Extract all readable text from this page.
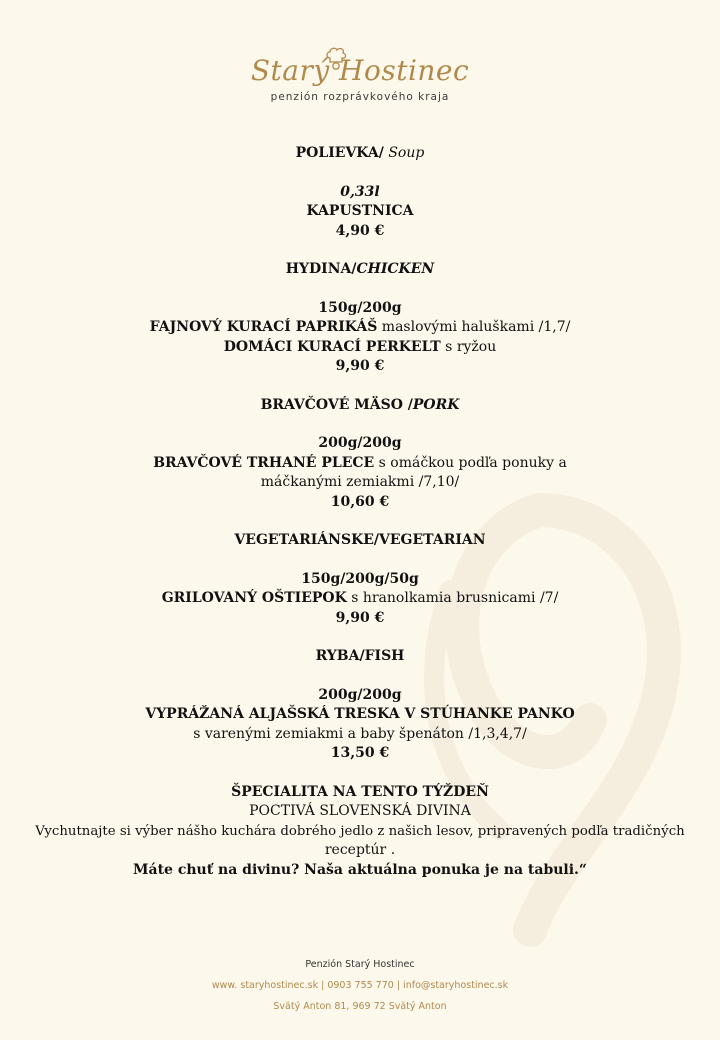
Starý Hostinec
penzión rozprávkového kraja
POLIEVKA/ Soup
0,33l
KAPUSTNICA
4,90 €
HYDINA/CHICKEN
150g/200g
FAJNOVÝ KURACÍ PAPRIKÁŠ maslovými haluškami /1,7/
DOMÁCI KURACÍ PERKELT s ryžou
9,90 €
BRAVČOVÉ MÄSO /PORK
200g/200g
BRAVČOVÉ TRHANÉ PLECE s omáčkou podľa ponuky a
máčkanými zemiakmi /7,10/
10,60 €
VEGETARIÁNSKE/VEGETARIAN
150g/200g/50g
GRILOVANÝ OŠTIEPOK s hranolkamia brusnicami /7/
9,90 €
RYBA/FISH
200g/200g
VYPRÁŽANÁ ALJAŠSKÁ TRESKA V STÚHANKE PANKO
s varenými zemiakmi a baby špenáton /1,3,4,7/
13,50 €
ŠPECIALITA NA TENTO TÝŽDEŇ
POCTIVÁ SLOVENSKÁ DIVINA
Vychutnajte si výber nášho kuchára dobrého jedlo z našich lesov, pripravených podľa tradičných
receptúr .
Máte chuť na divinu? Naša aktuálna ponuka je na tabuli.“
Penzión Starý Hostinec
www. staryhostinec.sk | 0903 755 770 | info@staryhostinec.sk
Svätý Anton 81, 969 72 Svätý Anton
